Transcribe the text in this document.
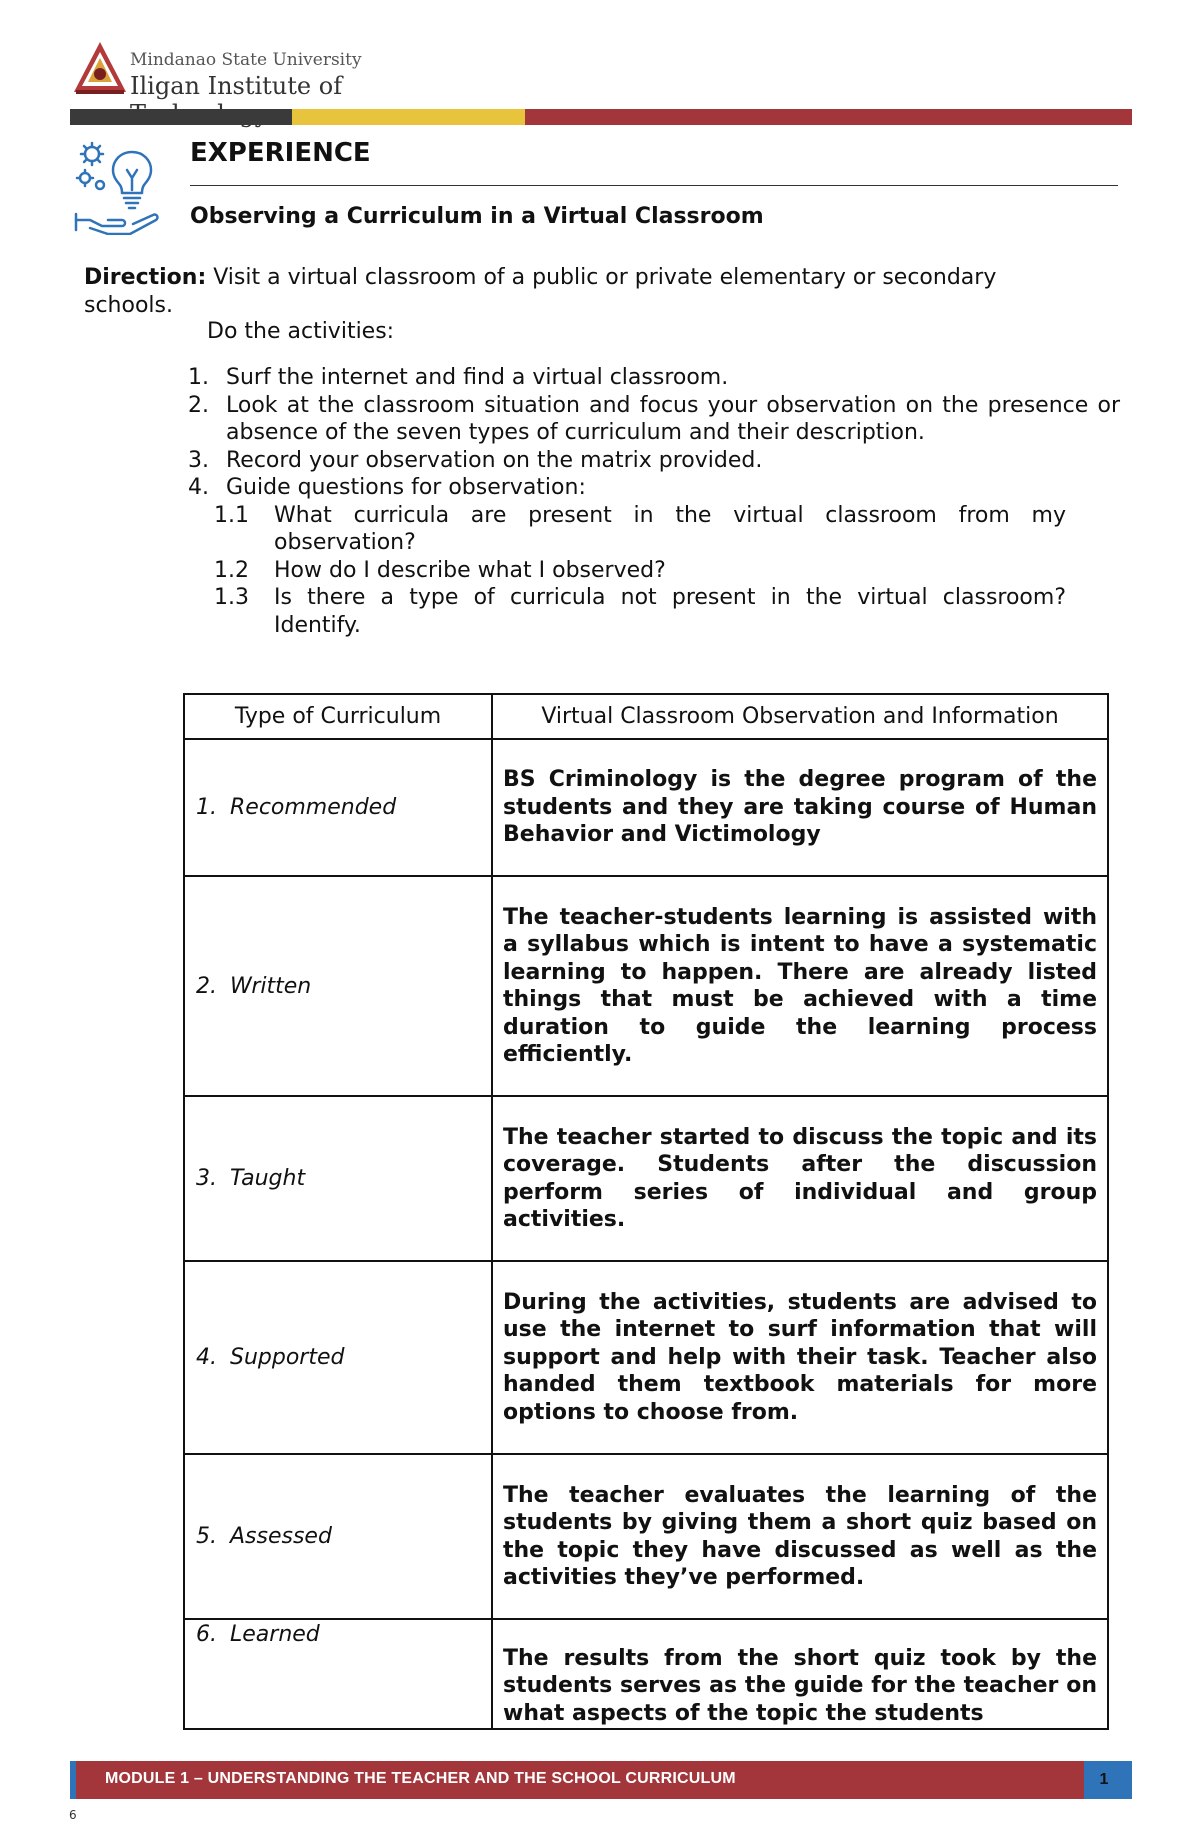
Mindanao State University
Iligan Institute of
EXPERIENCE
Observing a Curriculum in a Virtual Classroom
Direction: Visit a virtual classroom of a public or private elementary or secondary schools.
Do the activities:
1. Surf the internet and find a virtual classroom.
2. Look at the classroom situation and focus your observation on the presence or absence of the seven types of curriculum and their description.
3. Record your observation on the matrix provided.
4. Guide questions for observation:
1.1 What curricula are present in the virtual classroom from my observation?
1.2 How do I describe what I observed?
1.3 Is there a type of curricula not present in the virtual classroom? Identify.
Type of Curriculum	Virtual Classroom Observation and Information
1. Recommended	BS Criminology is the degree program of the students and they are taking course of Human Behavior and Victimology
2. Written	The teacher-students learning is assisted with a syllabus which is intent to have a systematic learning to happen. There are already listed things that must be achieved with a time duration to guide the learning process efficiently.
3. Taught	The teacher started to discuss the topic and its coverage. Students after the discussion perform series of individual and group activities.
4. Supported	During the activities, students are advised to use the internet to surf information that will support and help with their task. Teacher also handed them textbook materials for more options to choose from.
5. Assessed	The teacher evaluates the learning of the students by giving them a short quiz based on the topic they have discussed as well as the activities they’ve performed.
6. Learned	The results from the short quiz took by the students serves as the guide for the teacher on what aspects of the topic the students
MODULE 1 – UNDERSTANDING THE TEACHER AND THE SCHOOL CURRICULUM	1
6
